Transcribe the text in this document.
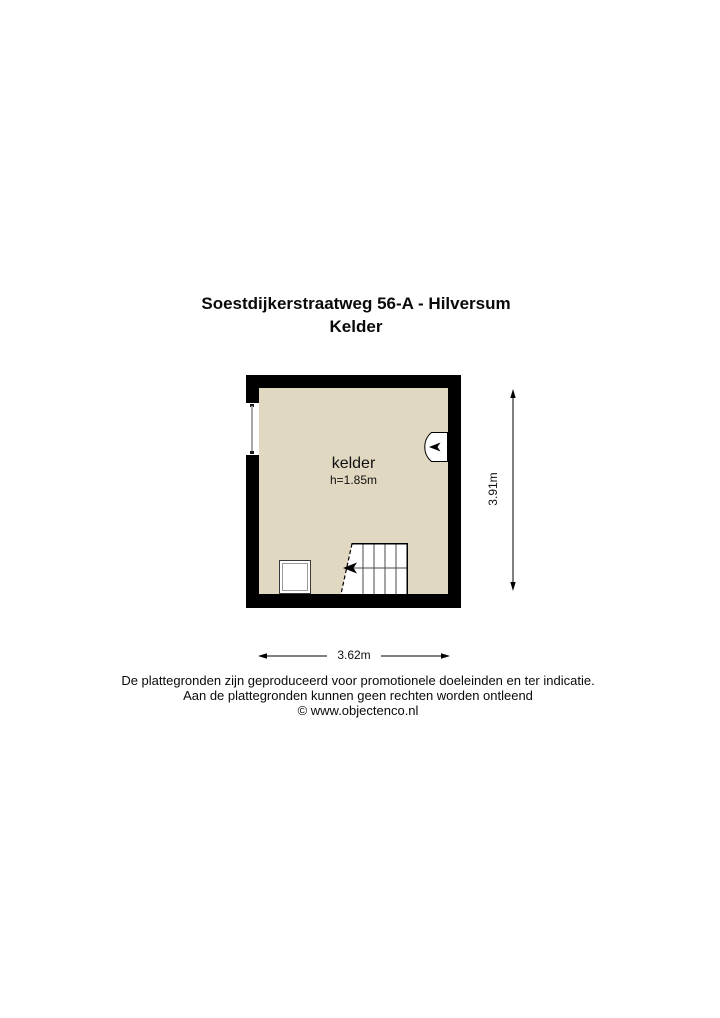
Soestdijkerstraatweg 56-A - Hilversum
Kelder
kelder
h=1.85m	3.91m
3.62m
De plattegronden zijn geproduceerd voor promotionele doeleinden en ter indicatie.
Aan de plattegronden kunnen geen rechten worden ontleend
© www.objectenco.nl
